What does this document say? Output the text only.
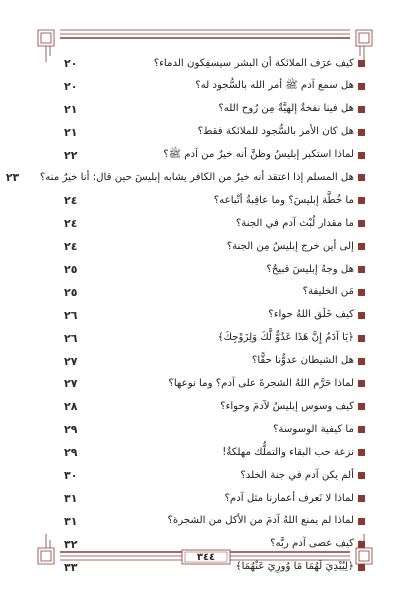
كيف عرَف الملائكة أن البشر سيسفِكون الدماء؟
٢٠
هل سمع آدم ﷺ أمر الله بالسُّجود له؟
٢٠
هل فينا نفخةٌ إلهيَّةٌ مِن رُوح الله؟
٢١
هل كان الأمر بالسُّجود للملائكة فقط؟
٢١
لماذا استكبر إبليسُ وظنَّ أنه خيرٌ من آدم ﷺ؟
٢٢
هل المسلم إذا اعتقد أنه خيرٌ من الكافر يشابه إبليسَ حين قال: أنا خيرٌ منه؟
٢٣
ما خُطَّة إبليسَ؟ وما عاقِبةُ أتْباعه؟
٢٤
ما مقدار لُبْث آدم في الجنة؟
٢٤
إلى أين خرج إبليسُ مِن الجنة؟
٢٤
هل وجهُ إبليسَ قبيحٌ؟
٢٥
مَن الخليفة؟
٢٥
كيف خَلَق اللهُ حواء؟
٢٦
﴿يَا آدَمُ إِنَّ هَذَا عَدُوٌّ لَّكَ وَلِزَوْجِكَ﴾
٢٦
هل الشيطان عدوُّنا حقًّا؟
٢٧
لماذا حَرَّم اللهُ الشجرةَ على آدم؟ وما نوعها؟
٢٧
كيف وسوس إبليسُ لآدمَ وحواء؟
٢٨
ما كيفية الوسوسة؟
٢٩
نزعة حب البقاء والتملُّك مهلكةٌ!
٢٩
ألم يكن آدم في جنة الخلد؟
٣٠
لماذا لا نَعرف أعمارنا مثل آدم؟
٣١
لماذا لم يمنع اللهُ آدمَ من الأكل من الشجرة؟
٣١
كيف عصى آدم ربَّه؟
٣٢
﴿لِيُبْدِيَ لَهُمَا مَا وُورِيَ عَنْهُمَا﴾
٣٣
٣٤٤
